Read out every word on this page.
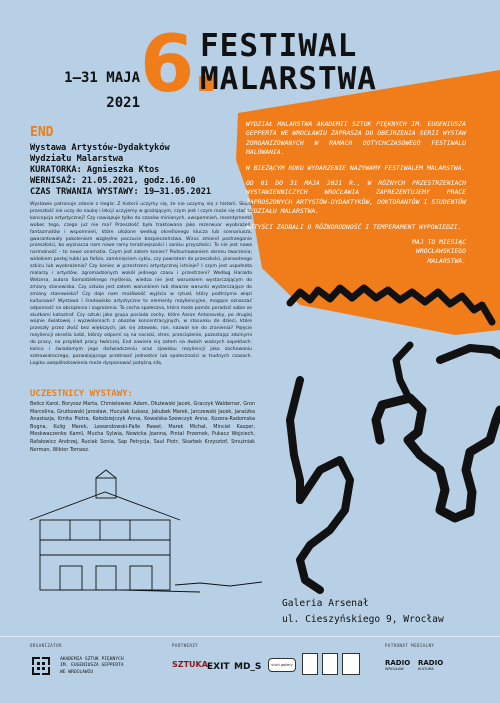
1–31 MAJA
2021 6.
FESTIWAL
MALARSTWA

WYDZIAŁ MALARSTWA AKADEMII SZTUK PIĘKNYCH IM. EUGENIUSZA GEPPERTA WE WROCŁAWIU ZAPRASZA DO OBEJRZENIA SERII WYSTAW ZORGANIZOWANYCH W RAMACH DOTYCHCZASOWEGO FESTIWALU MALOWANIA.

W BIEŻĄCYM ROKU WYDARZENIE NAZYWAMY FESTIWALEM MALARSTWA.

OD 01 DO 31 MAJA 2021 R., W RÓŻNYCH PRZESTRZENIACH WYSTAWIENNICZYCH WROCŁAWIA ZAPREZENTUJEMY PRACE ZAPROSZONYCH ARTYSTÓW-DYDAKTYKÓW, DOKTORANTÓW I STUDENTÓW WYDZIAŁU MALARSTWA.

ARTYŚCI ZADBALI O RÓŻNORODNOŚĆ I TEMPERAMENT WYPOWIEDZI.

MAJ TO MIESIĄC
WROCŁAWSKIEGO
MALARSTWA.

END
Wystawa Artystów-Dydaktyków
Wydziału Malarstwa
KURATORKA: Agnieszka Ktos
WERNISAŻ: 21.05.2021, godz.16.00
CZAS TRWANIA WYSTAWY: 19–31.05.2021
Wystawie patronuje zdanie z Hegla: Z historii uczymy się, że nie uczymy się z historii. Skoro przeszłość nie uczy do naukę i lekcji uczyjemy w grażającym, czym jest i czym może się stać ta koncepcja artystycznej? Czy nawiązuje tylko do czasów minionych, uwspomnień, resentymentó wobec tego, czego już nie ma? Przeszłość była traktowana jako rezerwuar wyobrażeń, fantazmatów i wspomnień, które ułożone według określonego klucza lub scenariusza, gwarantowały pokoleniom względne poczucie bezpieczeństwa. Wirus zmienił postrzeganie przeszłości, bo wyznacza nam nowe ramy teraźniejszości i zaniku przyszłości. To nie jest nowa normalność – to nowe onomatia. Czym jest zatem koniec? Podsumowaniem okresu tworzenia; widokiem postęj tubki po farbie, zamknięciem cyklu, czy powrotem do przeszłości, pierwotnego szkicu lub wyobrażenia? Czy koniec w przestrzeni artystycznej istnieje? I czym jest uspołnota malarzy i artystów, zgromadzonych wokół jednego czasu i przestrzeni? Według Haralda Welzera, autora Samodzielnego myślenia, wiedza nie jest warunkiem wystarczającym do zmiany stanowiska. Czy sztuka jest zatem warunkiem lub stwarze warunki wystarczające do zmiany stanowiska? Czy daje nam możliwość wyjścia w rytuał, który podtrzyma więzi kulturowe? Wystawa i środowisko artystyczne to elementy rezyliencyjne, mogące oznaczać odporność na obciążenia i zagrożenia. To cecha społeczna, która może pomóc poradzić sobie ze skutkami katastrof. Czy sztuki jako grupa posiada cechy, które Aaron Antonovsky, po drugiej wojnie światowej i wyzwoleniach z obozów koncentracyjnych, w stosunku do dzieci, które przeszły przez złość bez większych, jak się zdawało, ran, nazwał nie do zranienia? Pojęcie rezyliencji określa ludzi, którzy odporni są na naciski, stres, przeciążenie, pozostając zdolnymi do pracy, na przykład pracy twórczej. End zawiera się zatem na dwóch ważnych aspektach: końcu i świadomym jego doświadczeniu oraz zjawisku rezyliencji jako zachowaniu szdrowiatoczego, pozwalającego przetrwać jednostce lub społeczności w trudnych czasach. Logika uwspólnotowienia może dysponować potężną siłą.
UCZESTNICY WYSTAWY:
Bełicz Karol, Borysoz Marta, Chmielowiec Adam, Dłużewski Jacek, Graczyk Waldemar, Gron Marcelina, Grutkowski Jarosław, Huculak Łukasz, Jakubek Marek, Jarczewski Jacek, Jaraśżka Anastazja, Kmita Piotra, Kołodziejczyk Anna, Kowalska-Szewczyk Anna, Kozera-Radomska Bogna, Kulig Marek, Lewandowski-Palle Paweł, Marek Michał, Minciel Kasper, Moskwaczenko Kamil, Mucha Sylwia, Nowicka Joanna, Pintal Przemek, Pukacz Wojciech, Rafałowicz Andrzej, Ruciak Sonia, Sap Petrycja, Saul Piotr, Skarbek Krzysztof, Smużniak Norman, Wiktor Tomasz.
Galeria Arsenał
ul. Cieszyńskiego 9, Wrocław
ORGANIZATOR	PARTNERZY	PATRONAT MEDIALNY
AKADEMIA SZTUK PIĘKNYCH
IM. EUGENIUSZA GEPPERTA
WE WROCŁAWIU
SZTUKA EXIT MD_S	vivid gallery	RADIO
WROCŁAW
RADIO
KULTURA
